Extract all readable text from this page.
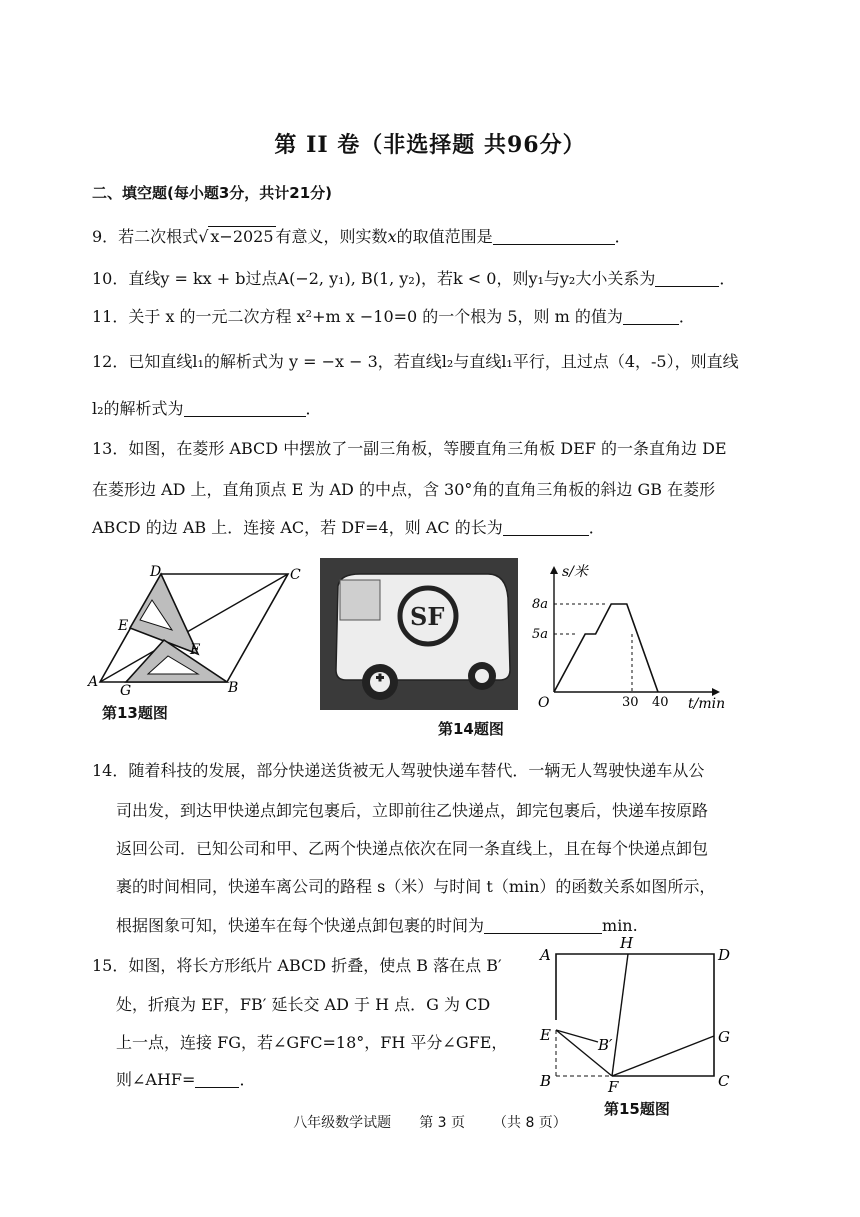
第 II 卷（非选择题 共96分）
二、填空题(每小题3分，共计21分)
9．若二次根式√ x−2025 有意义，则实数x的取值范围是	．
10．直线y = kx + b过点A(−2, y₁), B(1, y₂)，若k < 0，则y₁与y₂大小关系为	．
11．关于 x 的一元二次方程 x²+m x −10=0 的一个根为 5，则 m 的值为	．
12．已知直线l₁的解析式为 y = −x − 3，若直线l₂与直线l₁平行，且过点（4，-5），则直线
l₂的解析式为	．
13．如图，在菱形 ABCD 中摆放了一副三角板，等腰直角三角板 DEF 的一条直角边 DE
在菱形边 AD 上，直角顶点 E 为 AD 的中点，含 30°角的直角三角板的斜边 GB 在菱形
ABCD 的边 AB 上．连接 AC，若 DF=4，则 AC 的长为	．
D	C
E
F
A
G	B
第13题图
SF
s/米
t/min
O
8a
5a
30 40
第14题图
14．随着科技的发展，部分快递送货被无人驾驶快递车替代．一辆无人驾驶快递车从公
司出发，到达甲快递点卸完包裹后，立即前往乙快递点，卸完包裹后，快递车按原路
返回公司．已知公司和甲、乙两个快递点依次在同一条直线上，且在每个快递点卸包
裹的时间相同，快递车离公司的路程 s（米）与时间 t（min）的函数关系如图所示，
根据图象可知，快递车在每个快递点卸包裹的时间为	min.
15．如图，将长方形纸片 ABCD 折叠，使点 B 落在点 B′
处，折痕为 EF，FB′ 延长交 AD 于 H 点．G 为 CD
上一点，连接 FG，若∠GFC=18°，FH 平分∠GFE，
则∠AHF=	．
A
H
D
E
B′	G
B	F	C
第15题图
八年级数学试题 第 3 页 （共 8 页）
